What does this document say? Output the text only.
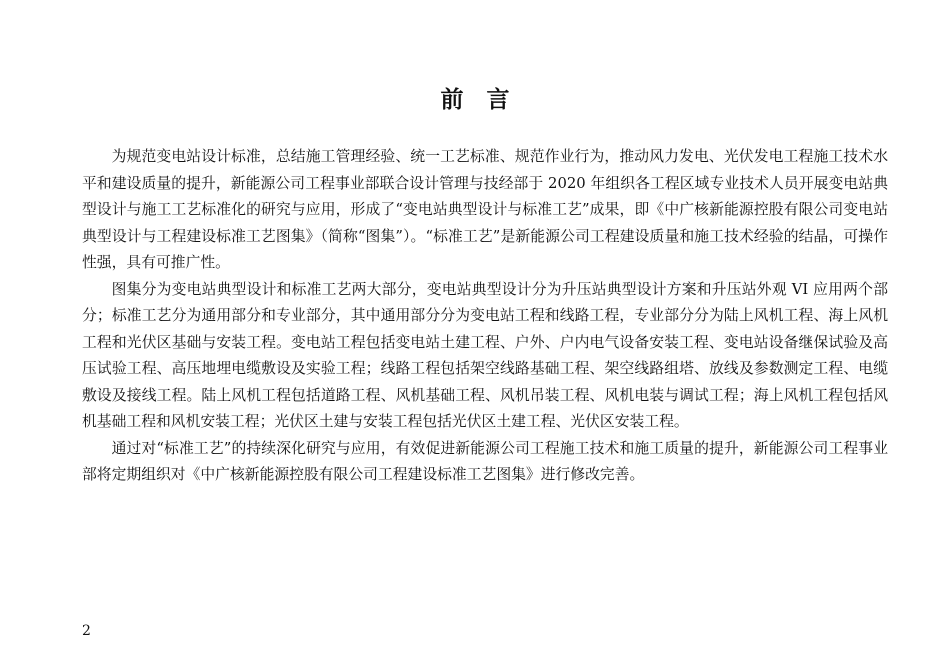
前　言

为规范变电站设计标准，总结施工管理经验、统一工艺标准、规范作业行为，推动风力发电、光伏发电工程施工技术水平和建设质量的提升，新能源公司工程事业部联合设计管理与技经部于 2020 年组织各工程区域专业技术人员开展变电站典型设计与施工工艺标准化的研究与应用，形成了“变电站典型设计与标准工艺”成果，即《中广核新能源控股有限公司变电站典型设计与工程建设标准工艺图集》（简称“图集”）。“标准工艺”是新能源公司工程建设质量和施工技术经验的结晶，可操作性强，具有可推广性。

图集分为变电站典型设计和标准工艺两大部分，变电站典型设计分为升压站典型设计方案和升压站外观 VI 应用两个部分；标准工艺分为通用部分和专业部分，其中通用部分分为变电站工程和线路工程，专业部分分为陆上风机工程、海上风机工程和光伏区基础与安装工程。变电站工程包括变电站土建工程、户外、户内电气设备安装工程、变电站设备继保试验及高压试验工程、高压地埋电缆敷设及实验工程；线路工程包括架空线路基础工程、架空线路组塔、放线及参数测定工程、电缆敷设及接线工程。陆上风机工程包括道路工程、风机基础工程、风机吊装工程、风机电装与调试工程；海上风机工程包括风机基础工程和风机安装工程；光伏区土建与安装工程包括光伏区土建工程、光伏区安装工程。

通过对“标准工艺”的持续深化研究与应用，有效促进新能源公司工程施工技术和施工质量的提升，新能源公司工程事业部将定期组织对《中广核新能源控股有限公司工程建设标准工艺图集》进行修改完善。

2
